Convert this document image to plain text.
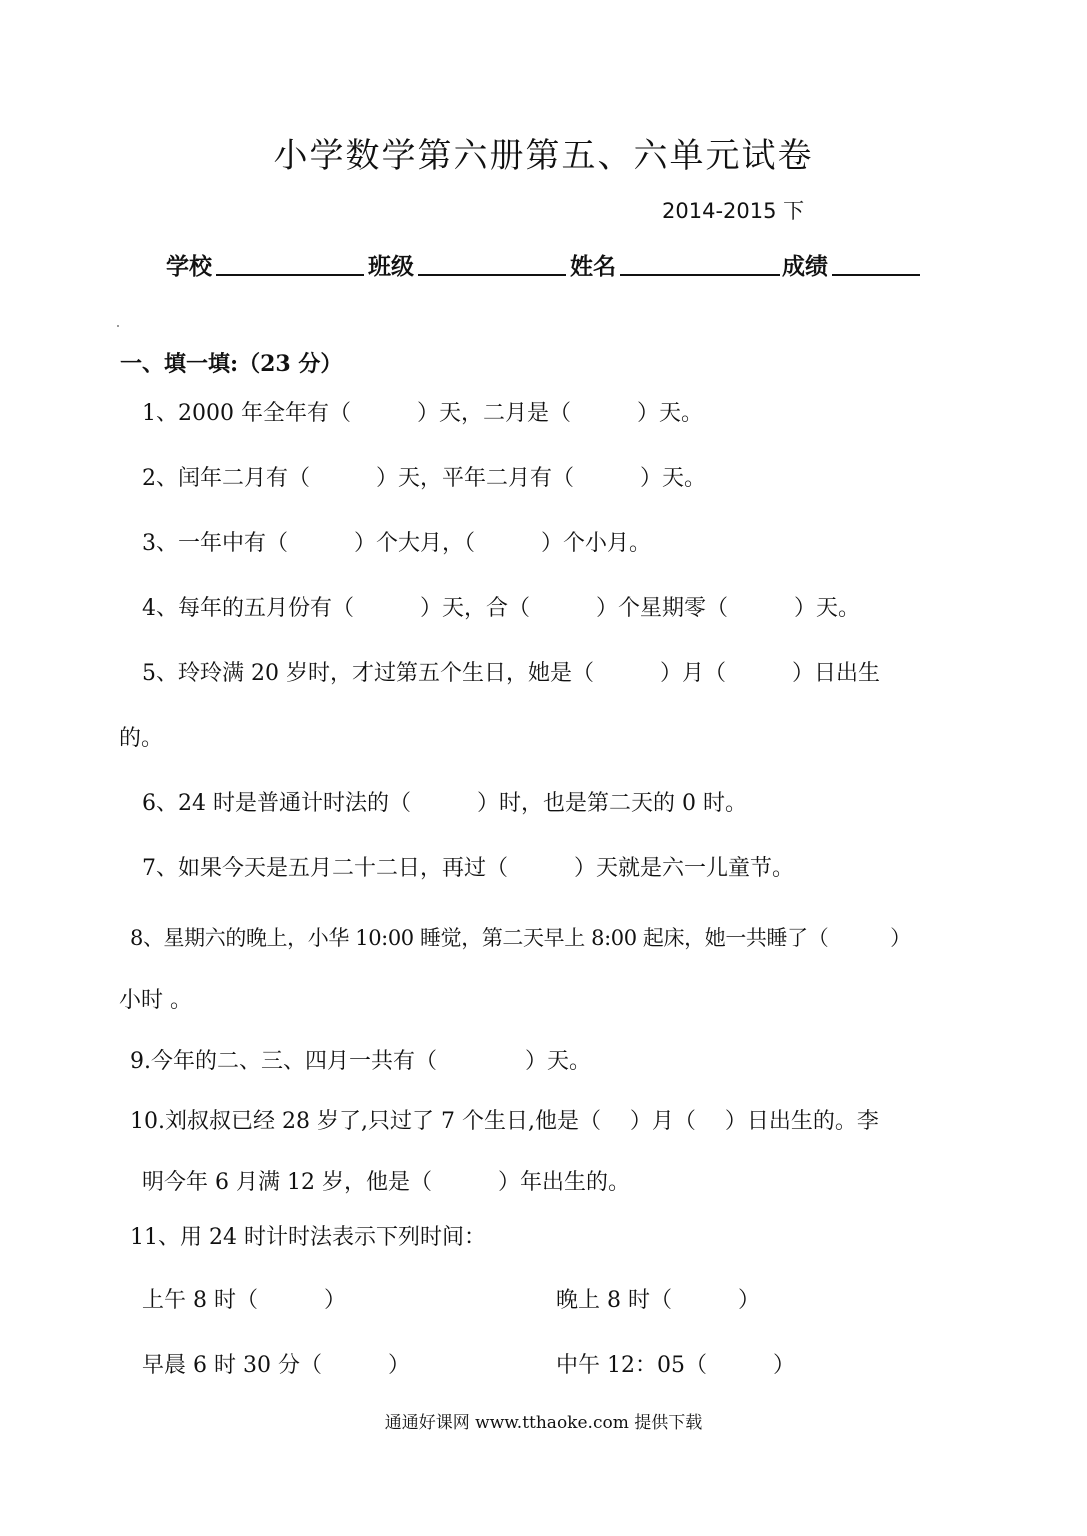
小学数学第六册第五、六单元试卷
2014-2015 下
学校	班级	姓名	成绩
一、填一填:（23 分）
1、2000 年全年有（　　　）天，二月是（　　　）天。
2、闰年二月有（　　　）天，平年二月有（　　　）天。
3、一年中有（　　　）个大月，（　　　）个小月。
4、每年的五月份有（　　　）天，合（　　　）个星期零（　　　）天。
5、玲玲满 20 岁时，才过第五个生日，她是（　　　）月（　　　）日出生
的。
6、24 时是普通计时法的（　　　）时，也是第二天的 0 时。
7、如果今天是五月二十二日，再过（　　　）天就是六一儿童节。
8、星期六的晚上，小华 10:00 睡觉，第二天早上 8:00 起床，她一共睡了（　　　）
小时 。
9.今年的二、三、四月一共有（　　　　）天。
10.刘叔叔已经 28 岁了,只过了 7 个生日,他是（　 ）月（　 ）日出生的。李
明今年 6 月满 12 岁，他是（　　　）年出生的。
11、用 24 时计时法表示下列时间：
上午 8 时（　　　）	晚上 8 时（　　　）
早晨 6 时 30 分（　　　）	中午 12：05（　　　）
通通好课网 www.tthaoke.com 提供下载
